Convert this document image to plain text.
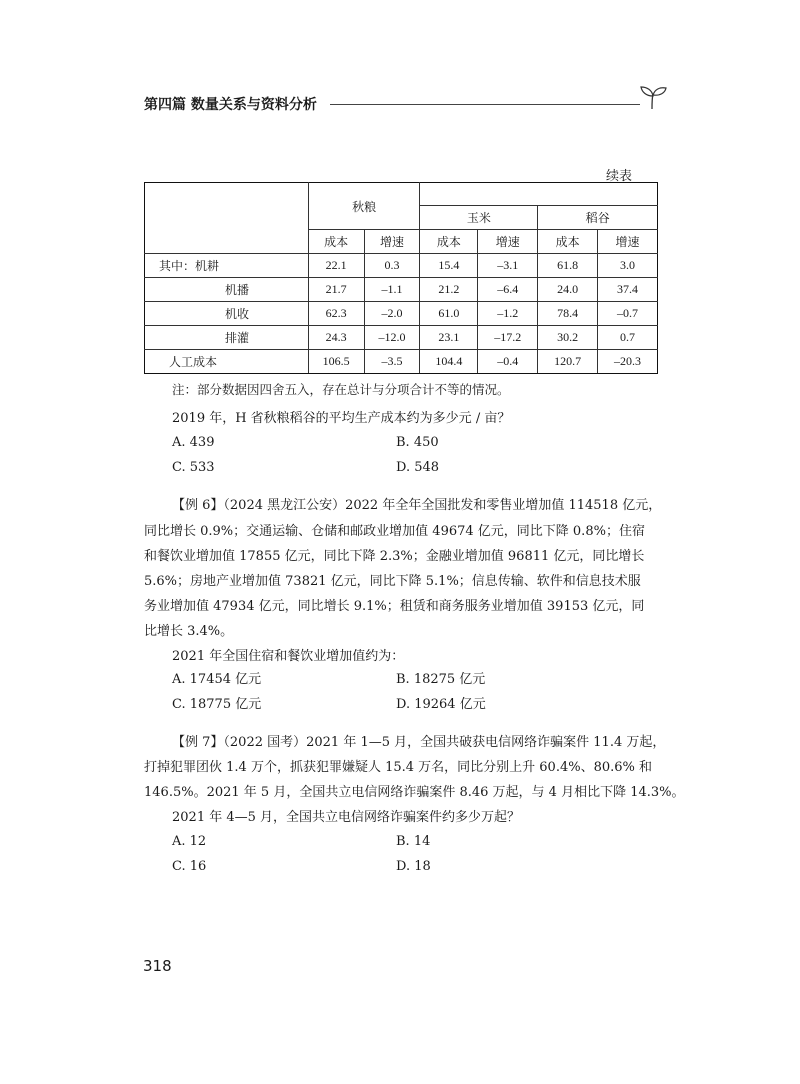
第四篇 数量关系与资料分析
续表
	秋粮					
			玉米		稻谷	
	成本	增速	成本	增速	成本	增速
其中：机耕	22.1	0.3	15.4	–3.1	61.8	3.0
机播	21.7	–1.1	21.2	–6.4	24.0	37.4
机收	62.3	–2.0	61.0	–1.2	78.4	–0.7
排灌	24.3	–12.0	23.1	–17.2	30.2	0.7
人工成本	106.5	–3.5	104.4	–0.4	120.7	–20.3
注：部分数据因四舍五入，存在总计与分项合计不等的情况。
2019 年，H 省秋粮稻谷的平均生产成本约为多少元 / 亩？
A. 439	B. 450
C. 533	D. 548
【例 6】（2024 黑龙江公安）2022 年全年全国批发和零售业增加值 114518 亿元，
同比增长 0.9%；交通运输、仓储和邮政业增加值 49674 亿元，同比下降 0.8%；住宿
和餐饮业增加值 17855 亿元，同比下降 2.3%；金融业增加值 96811 亿元，同比增长
5.6%；房地产业增加值 73821 亿元，同比下降 5.1%；信息传输、软件和信息技术服
务业增加值 47934 亿元，同比增长 9.1%；租赁和商务服务业增加值 39153 亿元，同
比增长 3.4%。
2021 年全国住宿和餐饮业增加值约为：
A. 17454 亿元	B. 18275 亿元
C. 18775 亿元	D. 19264 亿元
【例 7】（2022 国考）2021 年 1—5 月，全国共破获电信网络诈骗案件 11.4 万起，
打掉犯罪团伙 1.4 万个，抓获犯罪嫌疑人 15.4 万名，同比分别上升 60.4%、80.6% 和
146.5%。2021 年 5 月，全国共立电信网络诈骗案件 8.46 万起，与 4 月相比下降 14.3%。
2021 年 4—5 月，全国共立电信网络诈骗案件约多少万起？
A. 12	B. 14
C. 16	D. 18
318
